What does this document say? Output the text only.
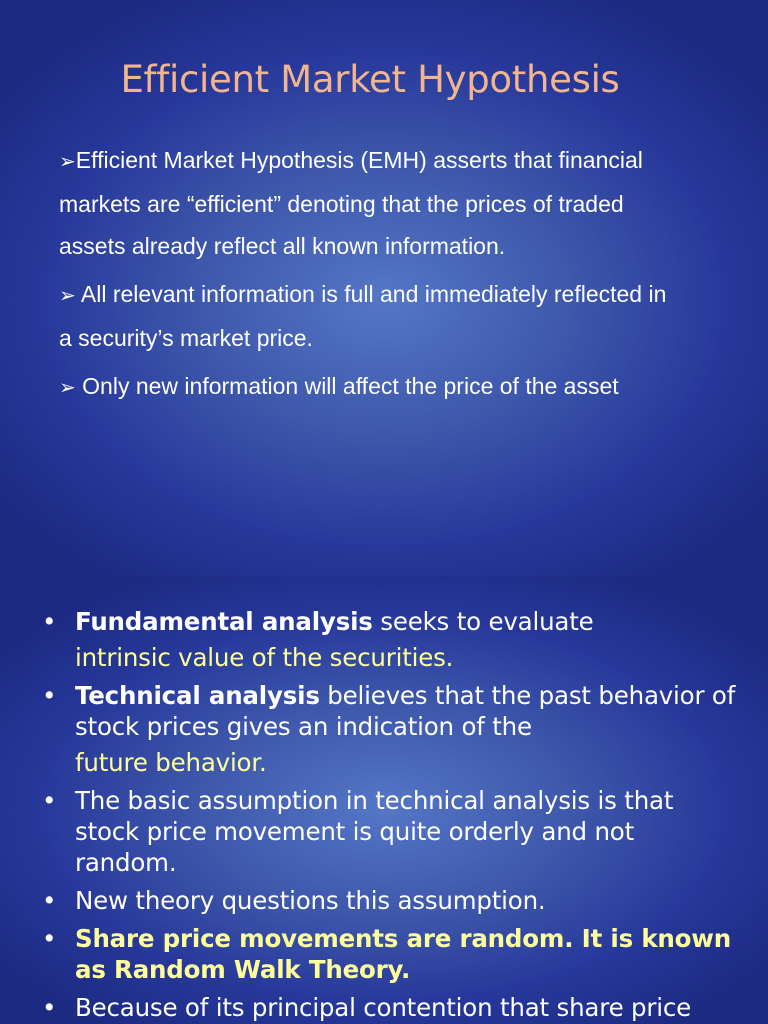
Efficient Market Hypothesis
➢Efficient Market Hypothesis (EMH) asserts that financial markets are “efficient” denoting that the prices of traded assets already reflect all known information.
➢ All relevant information is full and immediately reflected in a security’s market price.
➢ Only new information will affect the price of the asset
• Fundamental analysis seeks to evaluate
intrinsic value of the securities.
• Technical analysis believes that the past behavior of stock prices gives an indication of the
future behavior.
• The basic assumption in technical analysis is that stock price movement is quite orderly and not random.
• New theory questions this assumption.
• Share price movements are random. It is known as Random Walk Theory.
• Because of its principal contention that share price
